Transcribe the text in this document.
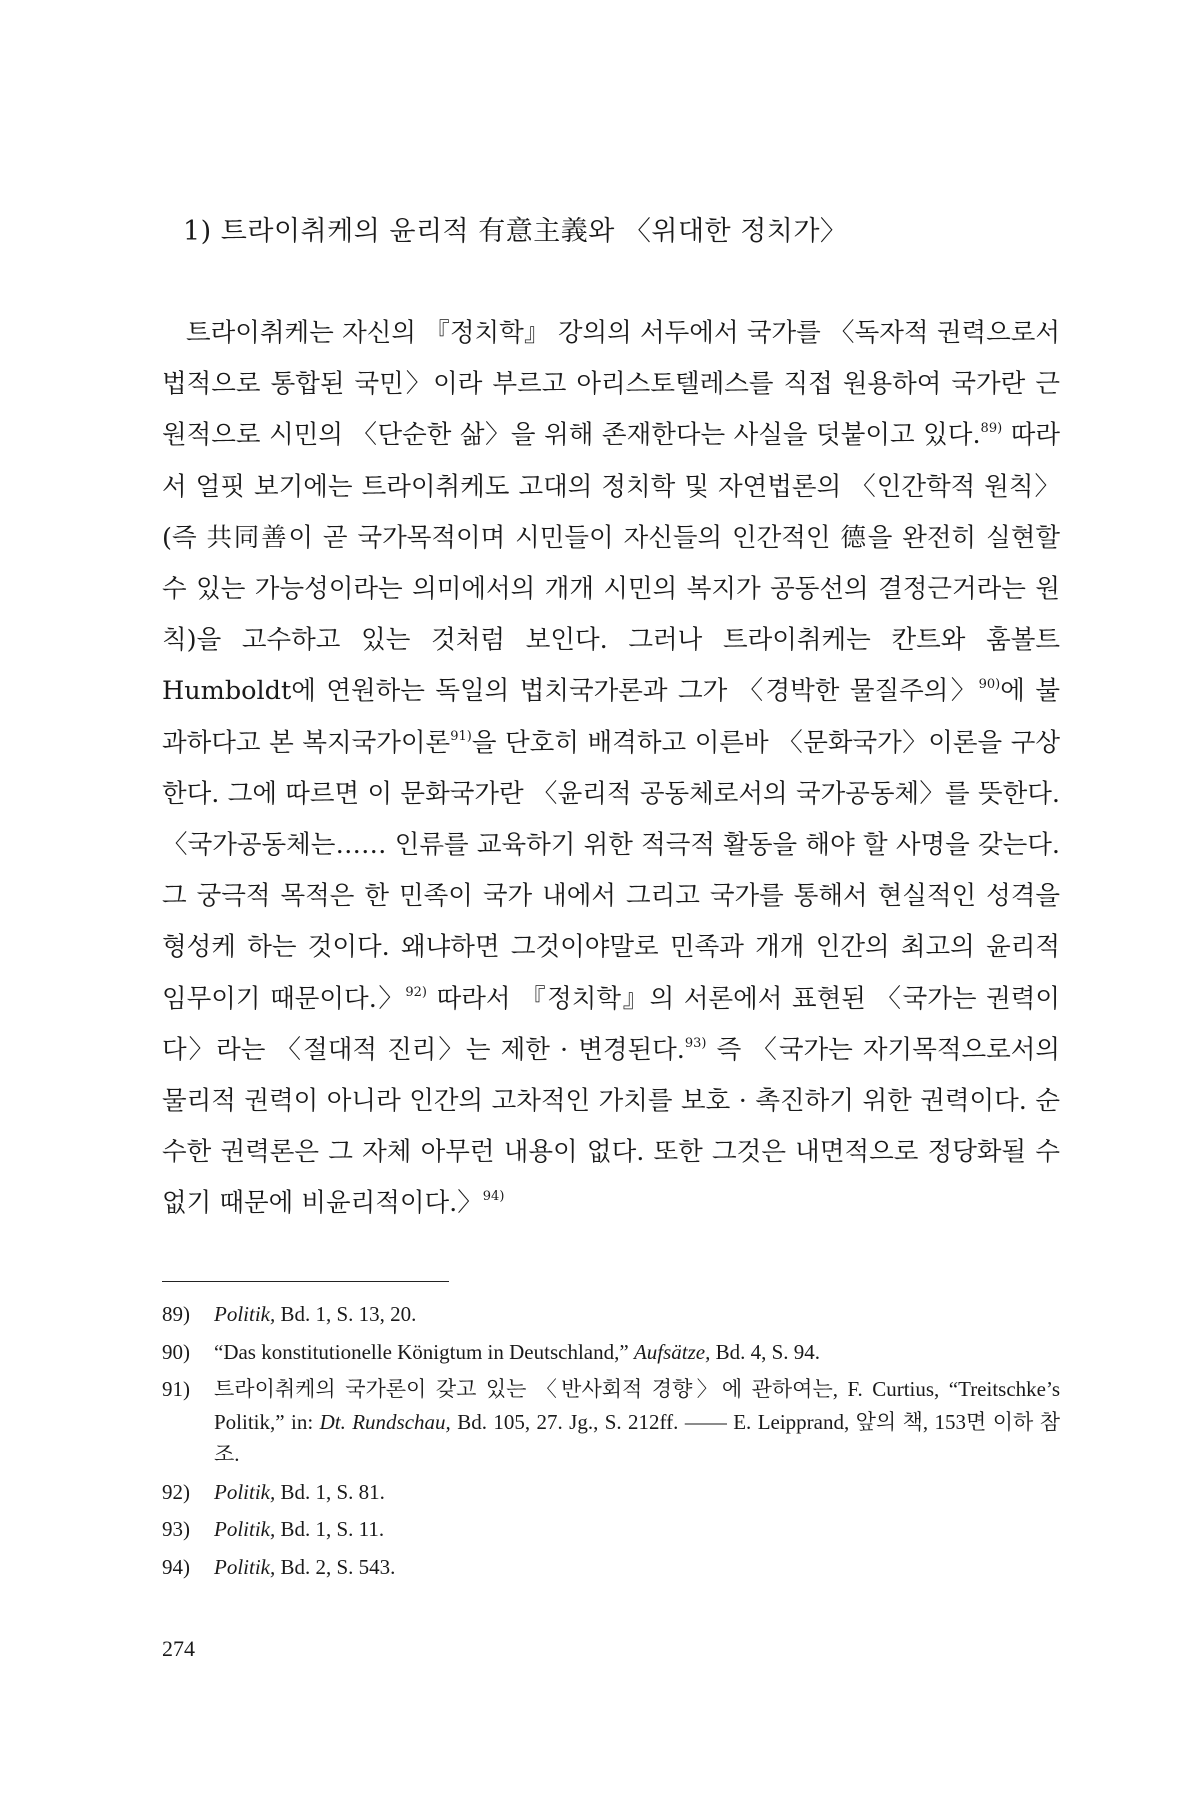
1) 트라이취케의 윤리적 有意主義와 〈위대한 정치가〉

트라이취케는 자신의 『정치학』 강의의 서두에서 국가를 〈독자적 권력으로서 법적으로 통합된 국민〉이라 부르고 아리스토텔레스를 직접 원용하여 국가란 근원적으로 시민의 〈단순한 삶〉을 위해 존재한다는 사실을 덧붙이고 있다.$^{89)}$ 따라서 얼핏 보기에는 트라이취케도 고대의 정치학 및 자연법론의 〈인간학적 원칙〉(즉 共同善이 곧 국가목적이며 시민들이 자신들의 인간적인 德을 완전히 실현할 수 있는 가능성이라는 의미에서의 개개 시민의 복지가 공동선의 결정근거라는 원칙)을 고수하고 있는 것처럼 보인다. 그러나 트라이취케는 칸트와 훔볼트 Humboldt에 연원하는 독일의 법치국가론과 그가 〈경박한 물질주의〉$^{90)}$에 불과하다고 본 복지국가이론$^{91)}$을 단호히 배격하고 이른바 〈문화국가〉이론을 구상한다. 그에 따르면 이 문화국가란 〈윤리적 공동체로서의 국가공동체〉를 뜻한다. 〈국가공동체는…… 인류를 교육하기 위한 적극적 활동을 해야 할 사명을 갖는다. 그 궁극적 목적은 한 민족이 국가 내에서 그리고 국가를 통해서 현실적인 성격을 형성케 하는 것이다. 왜냐하면 그것이야말로 민족과 개개 인간의 최고의 윤리적 임무이기 때문이다.〉$^{92)}$ 따라서 『정치학』의 서론에서 표현된 〈국가는 권력이다〉라는 〈절대적 진리〉는 제한 · 변경된다.$^{93)}$ 즉 〈국가는 자기목적으로서의 물리적 권력이 아니라 인간의 고차적인 가치를 보호 · 촉진하기 위한 권력이다. 순수한 권력론은 그 자체 아무런 내용이 없다. 또한 그것은 내면적으로 정당화될 수 없기 때문에 비윤리적이다.〉$^{94)}$

89)	Politik, Bd. 1, S. 13, 20.
90)	“Das konstitutionelle Königtum in Deutschland,” Aufsätze, Bd. 4, S. 94.
91)	트라이취케의 국가론이 갖고 있는 〈반사회적 경향〉에 관하여는, F. Curtius, “Treitschke’s Politik,” in: Dt. Rundschau, Bd. 105, 27. Jg., S. 212ff. —— E. Leipprand, 앞의 책, 153면 이하 참조.
92)	Politik, Bd. 1, S. 81.
93)	Politik, Bd. 1, S. 11.
94)	Politik, Bd. 2, S. 543.
274
